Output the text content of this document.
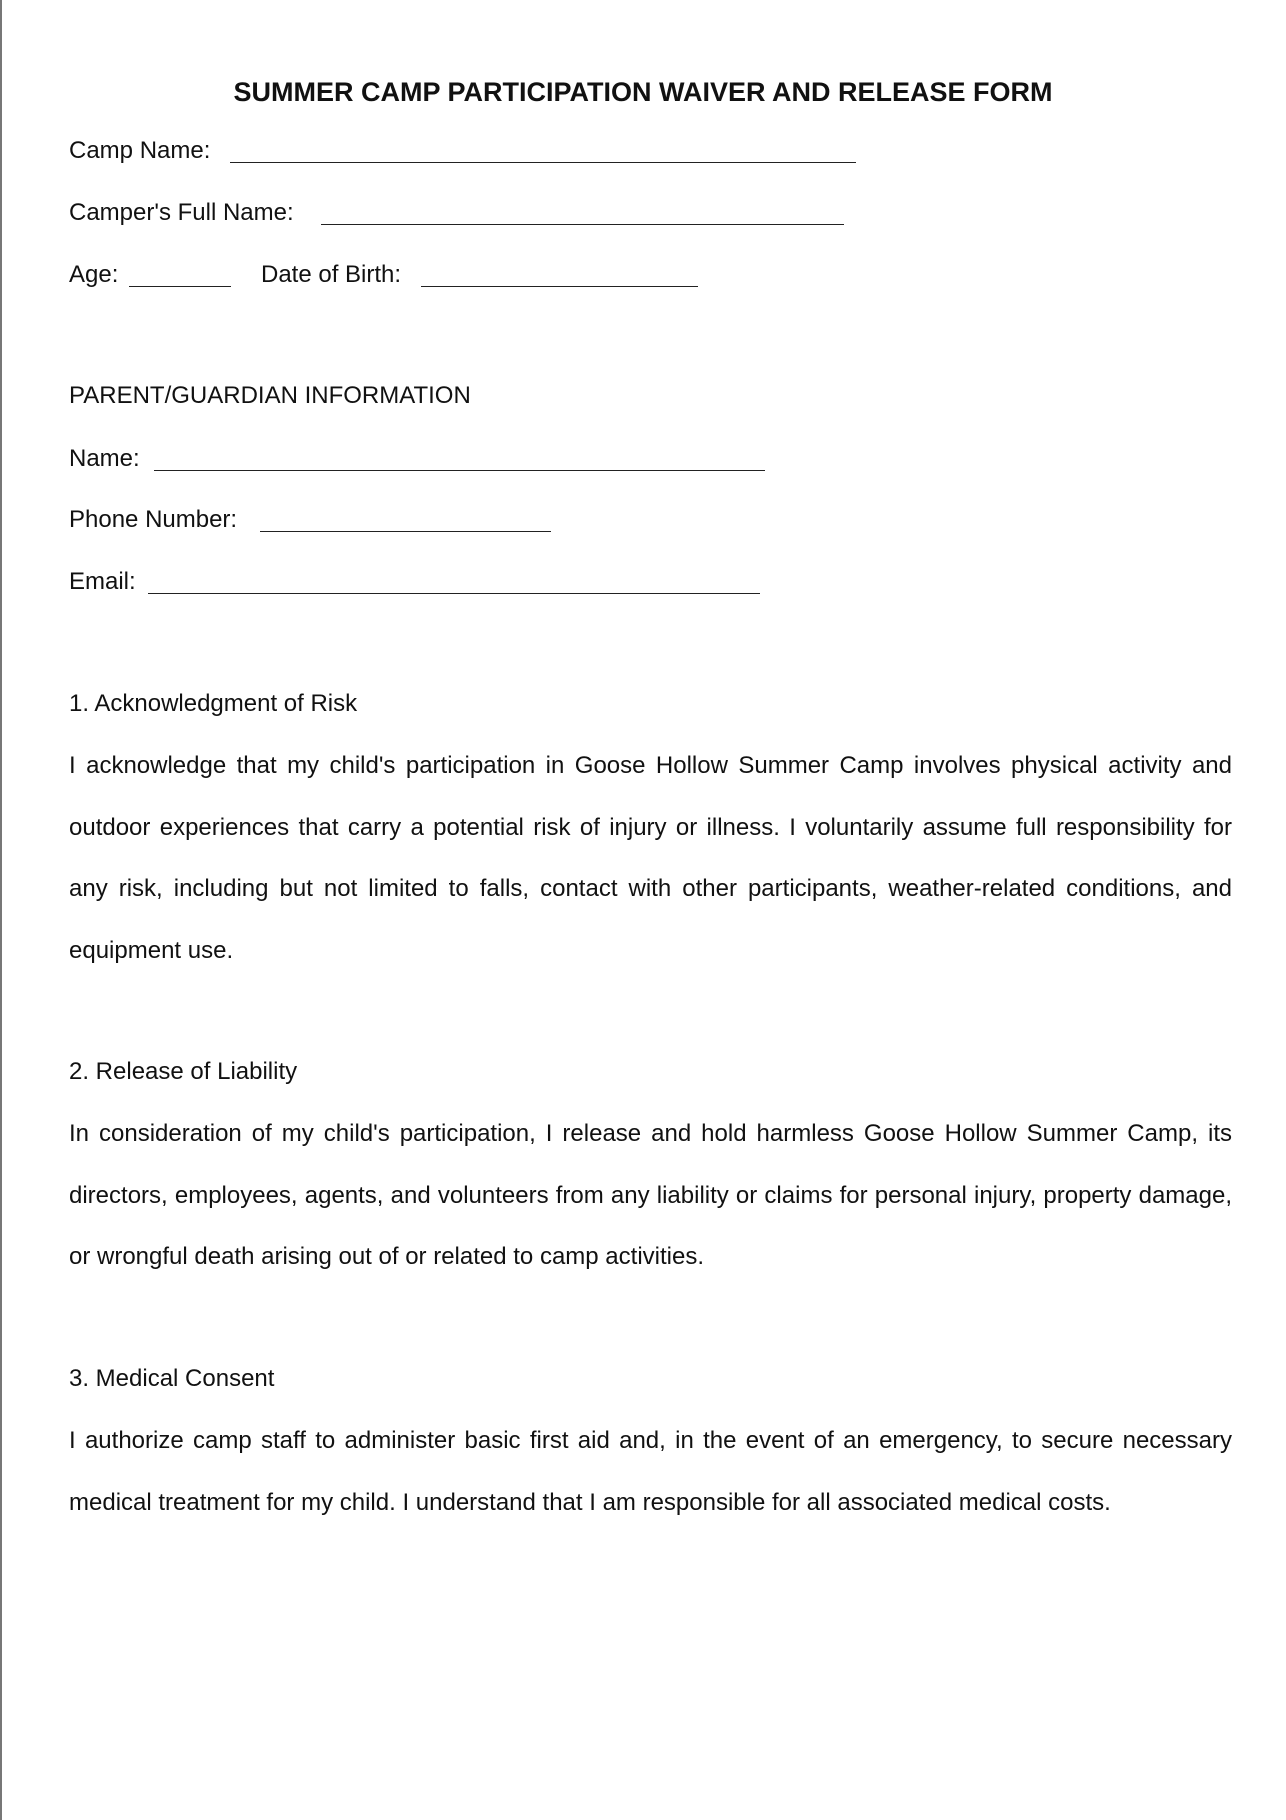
SUMMER CAMP PARTICIPATION WAIVER AND RELEASE FORM
Camp Name:
Camper's Full Name:
Age:	Date of Birth:
PARENT/GUARDIAN INFORMATION
Name:
Phone Number:
Email:
1. Acknowledgment of Risk
I acknowledge that my child's participation in Goose Hollow Summer Camp involves physical activity and outdoor experiences that carry a potential risk of injury or illness. I voluntarily assume full responsibility for any risk, including but not limited to falls, contact with other participants, weather-related conditions, and equipment use.
2. Release of Liability
In consideration of my child's participation, I release and hold harmless Goose Hollow Summer Camp, its directors, employees, agents, and volunteers from any liability or claims for personal injury, property damage, or wrongful death arising out of or related to camp activities.
3. Medical Consent
I authorize camp staff to administer basic first aid and, in the event of an emergency, to secure necessary medical treatment for my child. I understand that I am responsible for all associated medical costs.
